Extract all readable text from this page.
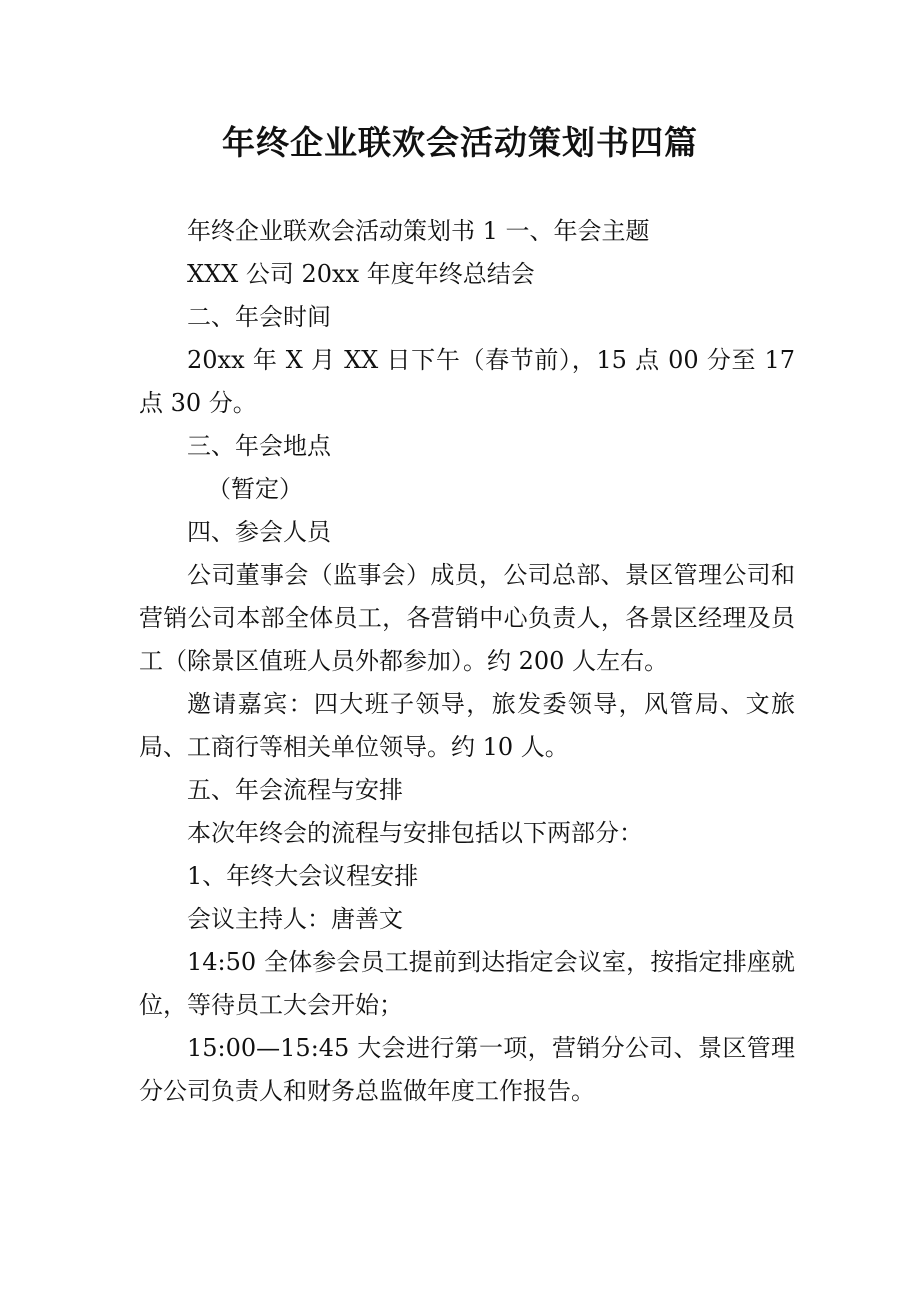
年终企业联欢会活动策划书四篇

年终企业联欢会活动策划书 1 一、年会主题

XXX 公司 20xx 年度年终总结会

二、年会时间

20xx 年 X 月 XX 日下午（春节前），15 点 00 分至 17 点 30 分。

三、年会地点

（暂定）

四、参会人员

公司董事会（监事会）成员，公司总部、景区管理公司和营销公司本部全体员工，各营销中心负责人，各景区经理及员工（除景区值班人员外都参加）。约 200 人左右。

邀请嘉宾：四大班子领导，旅发委领导，风管局、文旅局、工商行等相关单位领导。约 10 人。

五、年会流程与安排

本次年终会的流程与安排包括以下两部分：

1、年终大会议程安排

会议主持人：唐善文

14:50 全体参会员工提前到达指定会议室，按指定排座就位，等待员工大会开始；

15:00—15:45 大会进行第一项，营销分公司、景区管理分公司负责人和财务总监做年度工作报告。
